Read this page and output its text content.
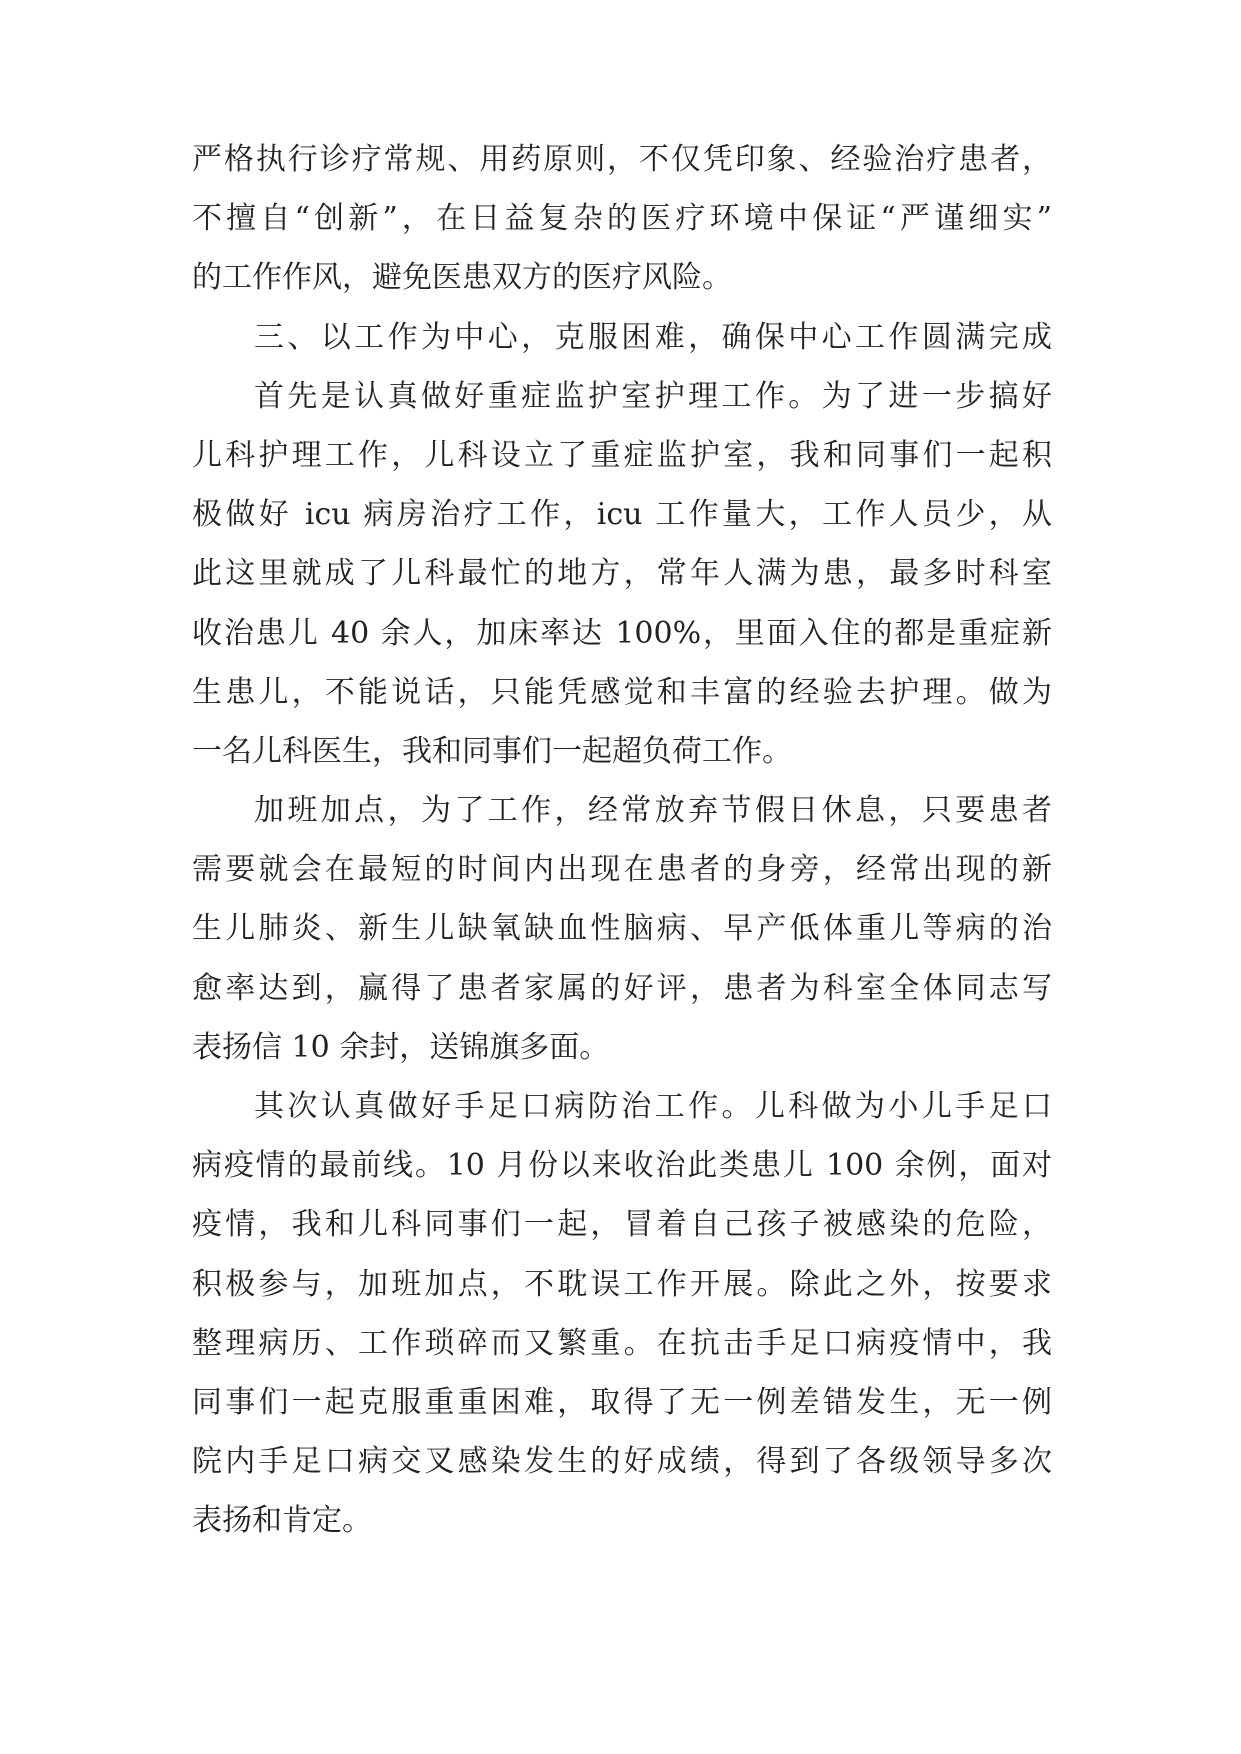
严格执行诊疗常规、用药原则，不仅凭印象、经验治疗患者，
不擅自“创新”，在日益复杂的医疗环境中保证“严谨细实”
的工作作风，避免医患双方的医疗风险。
三、以工作为中心，克服困难，确保中心工作圆满完成
首先是认真做好重症监护室护理工作。为了进一步搞好
儿科护理工作，儿科设立了重症监护室，我和同事们一起积
极做好 icu 病房治疗工作，icu 工作量大，工作人员少，从
此这里就成了儿科最忙的地方，常年人满为患，最多时科室
收治患儿 40 余人，加床率达 100%，里面入住的都是重症新
生患儿，不能说话，只能凭感觉和丰富的经验去护理。做为
一名儿科医生，我和同事们一起超负荷工作。
加班加点，为了工作，经常放弃节假日休息，只要患者
需要就会在最短的时间内出现在患者的身旁，经常出现的新
生儿肺炎、新生儿缺氧缺血性脑病、早产低体重儿等病的治
愈率达到，赢得了患者家属的好评，患者为科室全体同志写
表扬信 10 余封，送锦旗多面。
其次认真做好手足口病防治工作。儿科做为小儿手足口
病疫情的最前线。10 月份以来收治此类患儿 100 余例，面对
疫情，我和儿科同事们一起，冒着自己孩子被感染的危险，
积极参与，加班加点，不耽误工作开展。除此之外，按要求
整理病历、工作琐碎而又繁重。在抗击手足口病疫情中，我
同事们一起克服重重困难，取得了无一例差错发生，无一例
院内手足口病交叉感染发生的好成绩，得到了各级领导多次
表扬和肯定。
